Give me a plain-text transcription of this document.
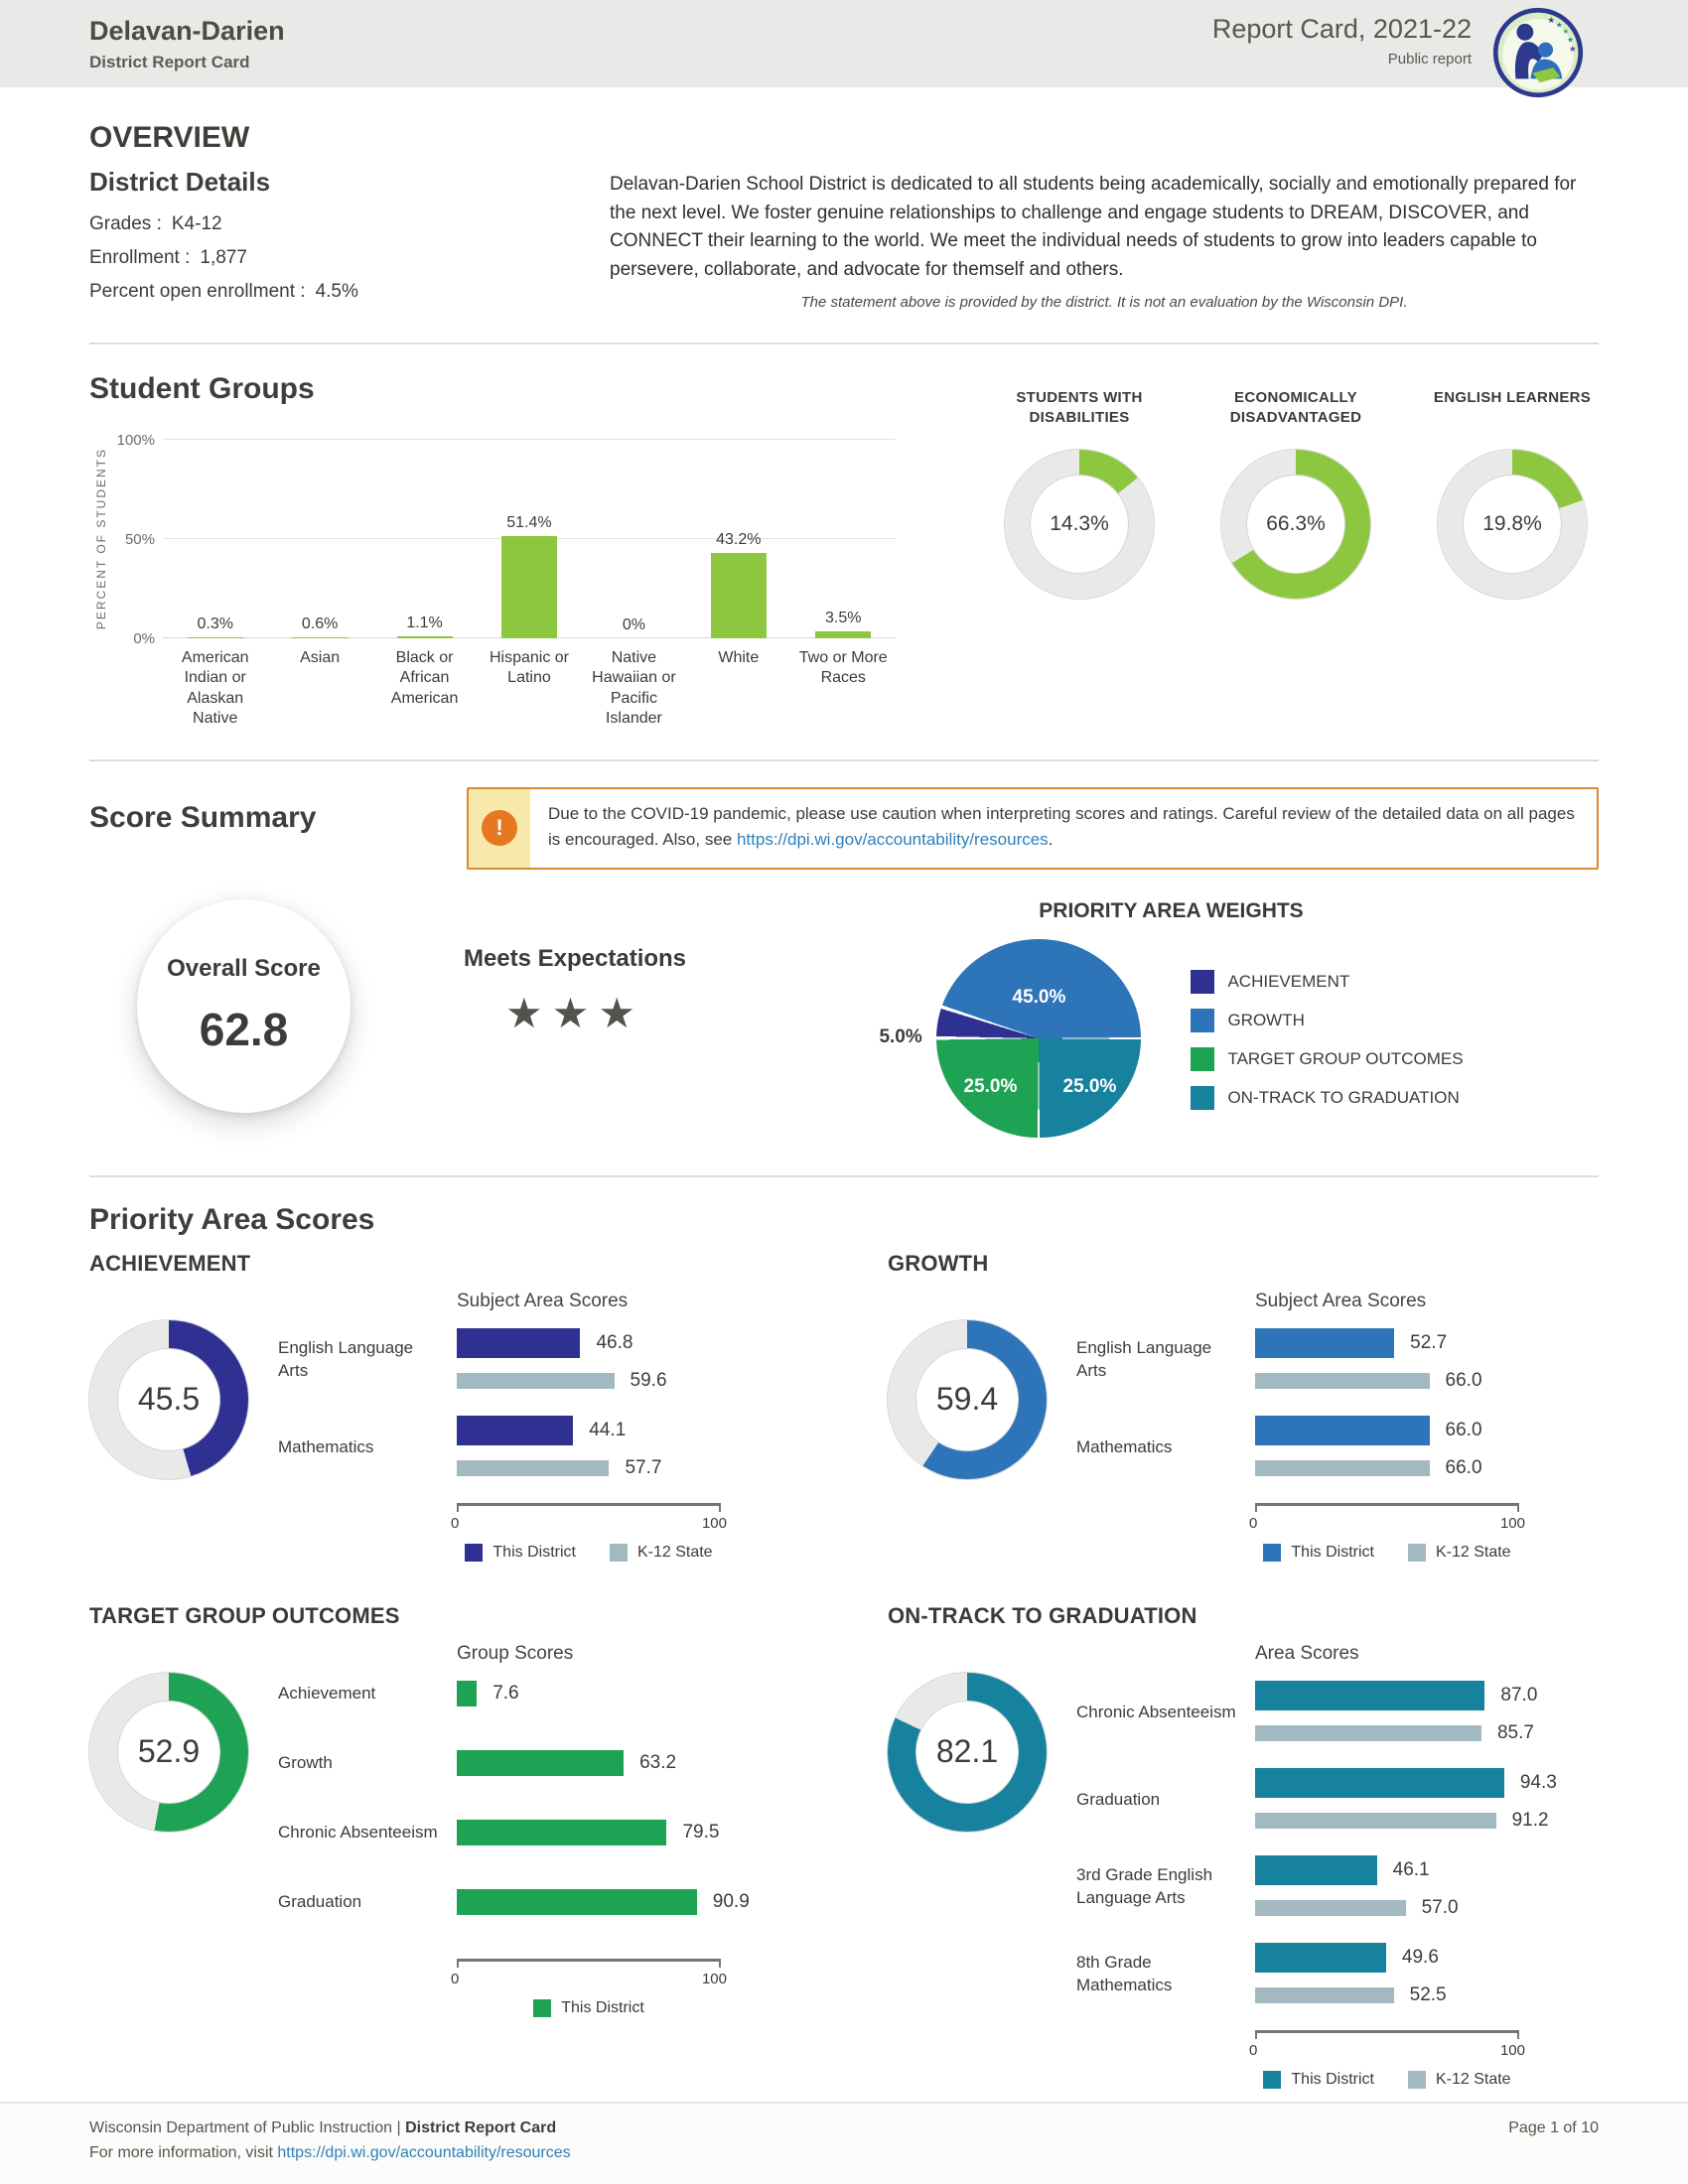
Delavan-Darien
District Report Card
Report Card, 2021-22
Public report
★
★
★
★
★
OVERVIEW
District Details
Grades : K4-12
Enrollment : 1,877
Percent open enrollment : 4.5%

Delavan-Darien School District is dedicated to all students being academically, socially and emotionally prepared for the next level. We foster genuine relationships to challenge and engage students to DREAM, DISCOVER, and CONNECT their learning to the world. We meet the individual needs of students to grow into leaders capable to persevere, collaborate, and advocate for themself and others.

The statement above is provided by the district. It is not an evaluation by the Wisconsin DPI.

Student Groups
PERCENT OF STUDENTS
100%
50%
0%
0.3%	0.6%	1.1%
51.4%
0%
43.2%
3.5%
American Indian or Alaskan Native
Asian	Black or African American
Hispanic or Latino
Native Hawaiian or Pacific Islander
White	Two or More Races
STUDENTS WITH DISABILITIES
14.3%
ECONOMICALLY DISADVANTAGED
66.3%
ENGLISH LEARNERS
19.8%
Score Summary	!
Due to the COVID-19 pandemic, please use caution when interpreting scores and ratings. Careful review of the detailed data on all pages is encouraged. Also, see https://dpi.wi.gov/accountability/resources.
Overall Score
62.8
Meets Expectations
★★★
PRIORITY AREA WEIGHTS
5.0%
45.0%
25.0% 25.0%
ACHIEVEMENT
GROWTH
TARGET GROUP OUTCOMES
ON-TRACK TO GRADUATION
Priority Area Scores
ACHIEVEMENT
45.5
Subject Area Scores
English Language Arts
46.8
59.6
Mathematics
44.1
57.7
0	100
This District	K-12 State
GROWTH
59.4
Subject Area Scores
English Language Arts
52.7
66.0
Mathematics
66.0
66.0
0	100
This District	K-12 State
TARGET GROUP OUTCOMES
52.9
Group Scores
Achievement	7.6
Growth	63.2
Chronic Absenteeism	79.5
Graduation	90.9
0	100
This District
ON-TRACK TO GRADUATION
82.1
Area Scores
Chronic Absenteeism
87.0
85.7
Graduation
94.3
91.2
3rd Grade English Language Arts
46.1
57.0
8th Grade Mathematics
49.6
52.5
0	100
This District	K-12 State
Wisconsin Department of Public Instruction | District Report Card	Page 1 of 10
For more information, visit https://dpi.wi.gov/accountability/resources
